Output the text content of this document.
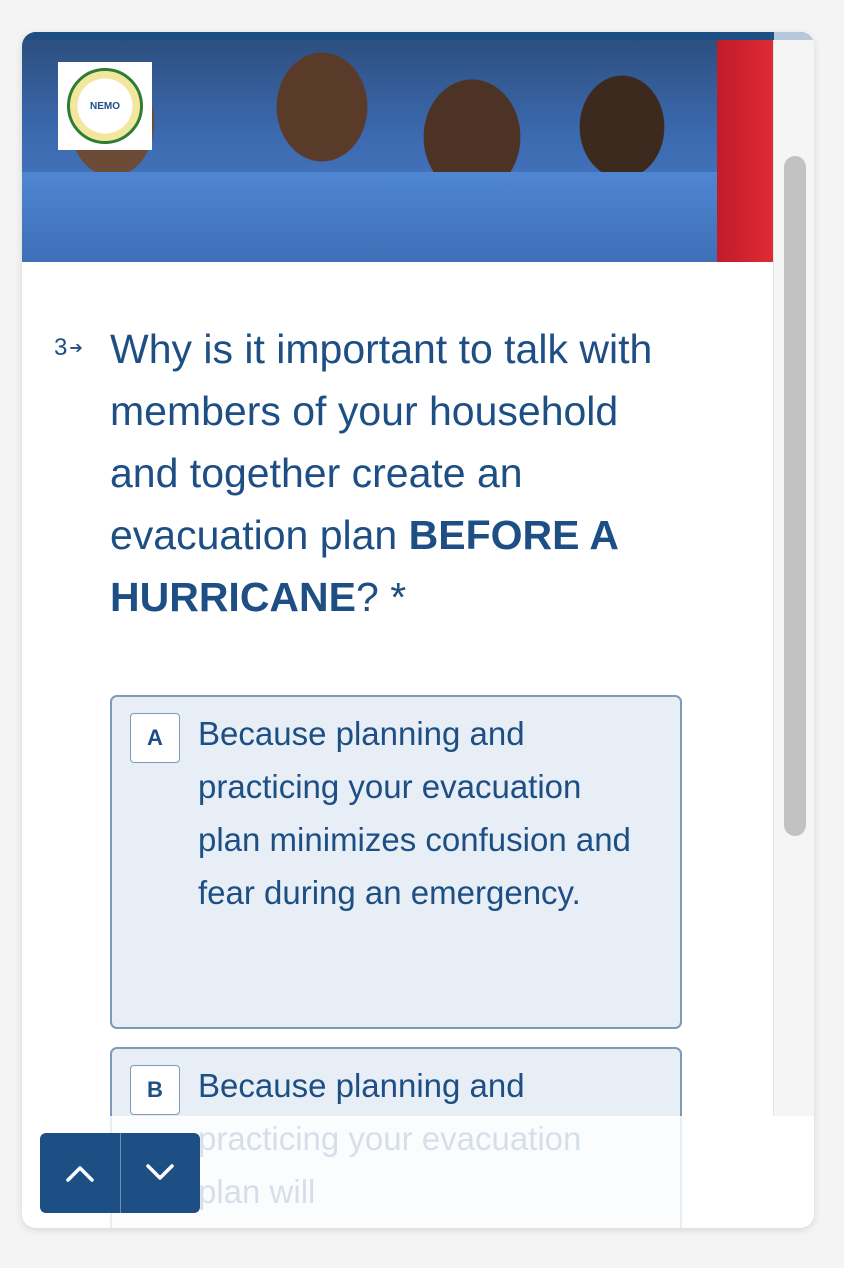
NEMO
3 ➔ Why is it important to talk with members of your household and together create an evacuation plan BEFORE A HURRICANE? *
A	Because planning and practicing your evacuation plan minimizes confusion and fear during an emergency.
B	Because planning and
